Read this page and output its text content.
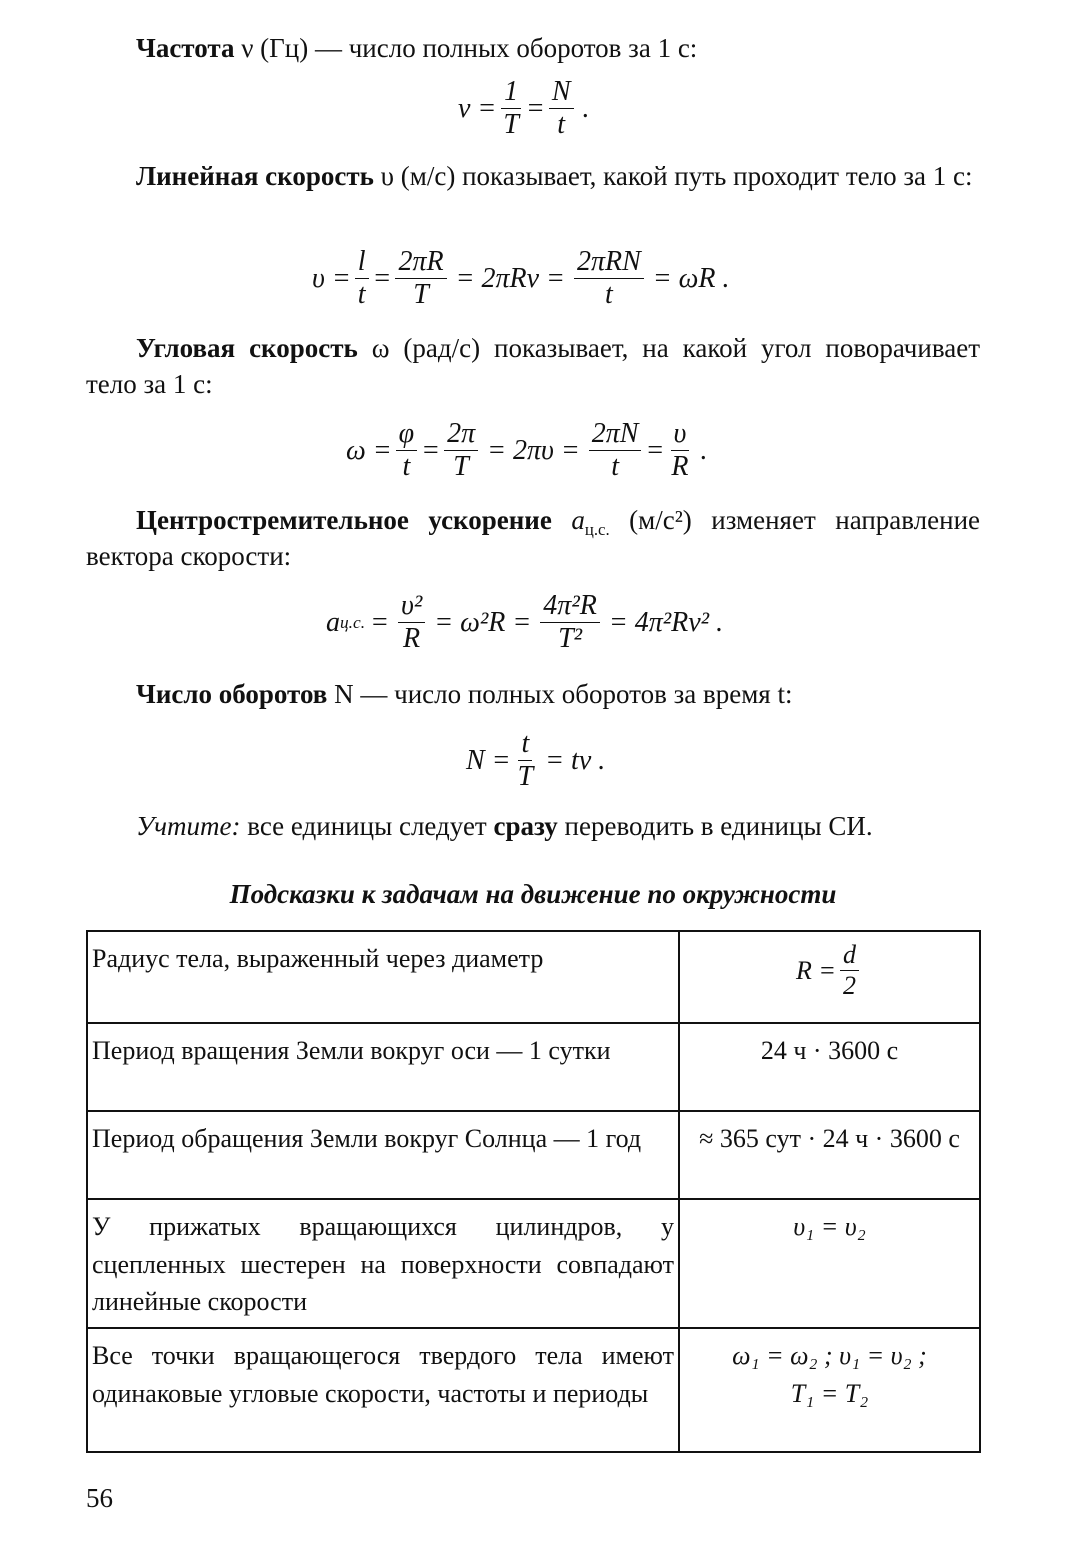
Частота ν (Гц) — число полных оборотов за 1 с:
$\nu = \frac{1}{T} = \frac{N}{t}$ .
Линейная скорость υ (м/с) показывает, какой путь проходит тело за 1 с:
$\upsilon = \frac{l}{t} = \frac{2\pi R}{T} = 2\pi R\nu = \frac{\text{2πRN}}{t} = \omega R$ .
Угловая скорость ω (рад/с) показывает, на какой угол поворачивает тело за 1 с:
$\omega = \frac{\varphi}{t} = \frac{2\pi}{T} = 2\pi\upsilon = \frac{2\pi N}{t} = \frac{\upsilon}{R}$ .
Центростремительное ускорение $a_{ц.с.}$ (м/с²) изменяет направление вектора скорости:
a ц.с. = $\frac{\text{υ²}}{R} = \omega^2R = \frac{\text{4π²R}}{\text{T²}} = 4\pi^2R\nu^2$ .
Число оборотов N — число полных оборотов за время t:
$N = \frac{t}{T} = t\nu$ .
Учтите: все единицы следует сразу переводить в единицы СИ.
Подсказки к задачам на движение по окружности
Радиус тела, выраженный через диаметр	$R = \frac{d}{2}$

Период вращения Земли вокруг оси — 1 сутки	24 ч · 3600 с
Период обращения Земли вокруг Солнца — 1 год	≈ 365 сут · 24 ч · 3600 с
У прижатых вращающихся цилиндров, у сцепленных шестерен на поверхности совпадают линейные скорости	υ₁ = υ₂
Все точки вращающегося твердого тела имеют одинаковые угловые скорости, частоты и периоды	ω₁ = ω₂ ; υ₁ = υ₂ ;
T₁ = T₂
56
